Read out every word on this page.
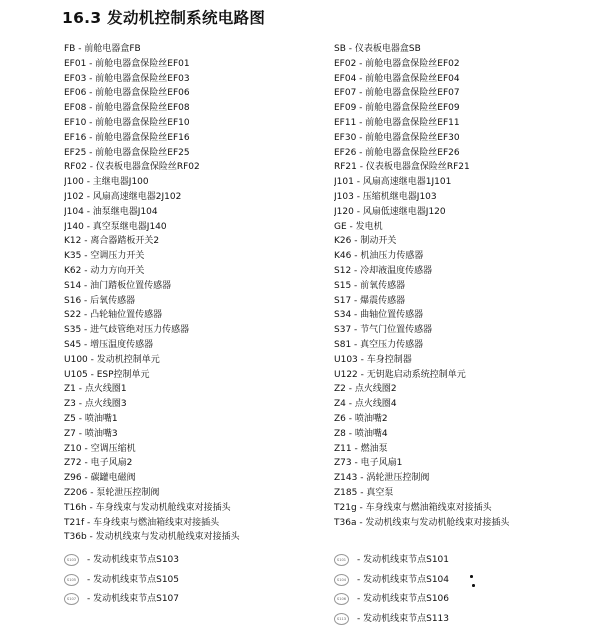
16.3 发动机控制系统电路图
FB - 前舱电器盒FB
EF01 - 前舱电器盒保险丝EF01
EF03 - 前舱电器盒保险丝EF03
EF06 - 前舱电器盒保险丝EF06
EF08 - 前舱电器盒保险丝EF08
EF10 - 前舱电器盒保险丝EF10
EF16 - 前舱电器盒保险丝EF16
EF25 - 前舱电器盒保险丝EF25
RF02 - 仪表板电器盒保险丝RF02
J100 - 主继电器J100
J102 - 风扇高速继电器2J102
J104 - 油泵继电器J104
J140 - 真空泵继电器J140
K12 - 离合器踏板开关2
K35 - 空调压力开关
K62 - 动力方向开关
S14 - 油门踏板位置传感器
S16 - 后氧传感器
S22 - 凸轮轴位置传感器
S35 - 进气歧管绝对压力传感器
S45 - 增压温度传感器
U100 - 发动机控制单元
U105 - ESP控制单元
Z1 - 点火线圈1
Z3 - 点火线圈3
Z5 - 喷油嘴1
Z7 - 喷油嘴3
Z10 - 空调压缩机
Z72 - 电子风扇2
Z96 - 碳罐电磁阀
Z206 - 泵轮泄压控制阀
T16h - 车身线束与发动机舱线束对接插头
T21f - 车身线束与燃油箱线束对接插头
T36b - 发动机线束与发动机舱线束对接插头
SB - 仪表板电器盒SB
EF02 - 前舱电器盒保险丝EF02
EF04 - 前舱电器盒保险丝EF04
EF07 - 前舱电器盒保险丝EF07
EF09 - 前舱电器盒保险丝EF09
EF11 - 前舱电器盒保险丝EF11
EF30 - 前舱电器盒保险丝EF30
EF26 - 前舱电器盒保险丝EF26
RF21 - 仪表板电器盒保险丝RF21
J101 - 风扇高速继电器1J101
J103 - 压缩机继电器J103
J120 - 风扇低速继电器J120
GE - 发电机
K26 - 制动开关
K46 - 机油压力传感器
S12 - 冷却液温度传感器
S15 - 前氧传感器
S17 - 爆震传感器
S34 - 曲轴位置传感器
S37 - 节气门位置传感器
S81 - 真空压力传感器
U103 - 车身控制器
U122 - 无钥匙启动系统控制单元
Z2 - 点火线圈2
Z4 - 点火线圈4
Z6 - 喷油嘴2
Z8 - 喷油嘴4
Z11 - 燃油泵
Z73 - 电子风扇1
Z143 - 涡轮泄压控制阀
Z185 - 真空泵
T21g - 车身线束与燃油箱线束对接插头
T36a - 发动机线束与发动机舱线束对接插头
S103	- 发动机线束节点S103
S105	- 发动机线束节点S105
S107	- 发动机线束节点S107
S101	- 发动机线束节点S101
S104	- 发动机线束节点S104
S106	- 发动机线束节点S106
S113	- 发动机线束节点S113
